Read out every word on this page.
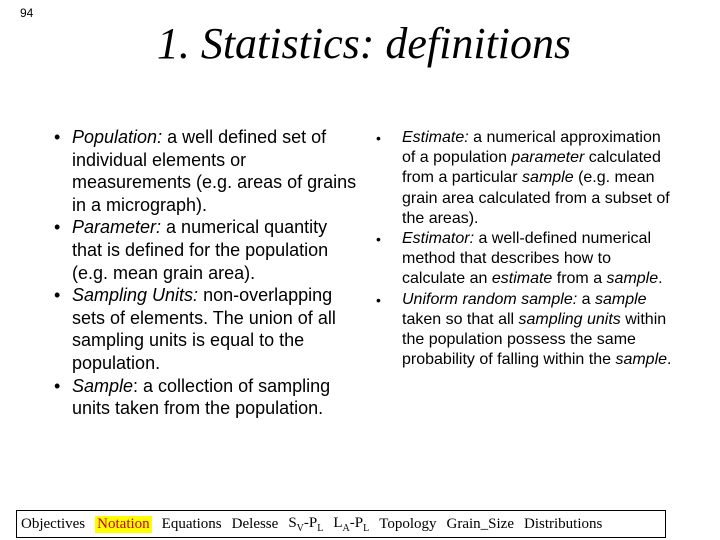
94
1. Statistics: definitions
• Population: a well defined set of individual elements or measurements (e.g. areas of grains in a micrograph).
• Parameter: a numerical quantity that is defined for the population (e.g. mean grain area).
• Sampling Units: non-overlapping sets of elements. The union of all sampling units is equal to the population.
• Sample: a collection of sampling units taken from the population.
• Estimate: a numerical approximation of a population parameter calculated from a particular sample (e.g. mean grain area calculated from a subset of the areas).
• Estimator: a well-defined numerical method that describes how to calculate an estimate from a sample.
• Uniform random sample: a sample taken so that all sampling units within the population possess the same probability of falling within the sample.
Objectives Notation Equations Delesse $S_V-P_L$ $L_A-P_L$ Topology Grain_Size Distributions
